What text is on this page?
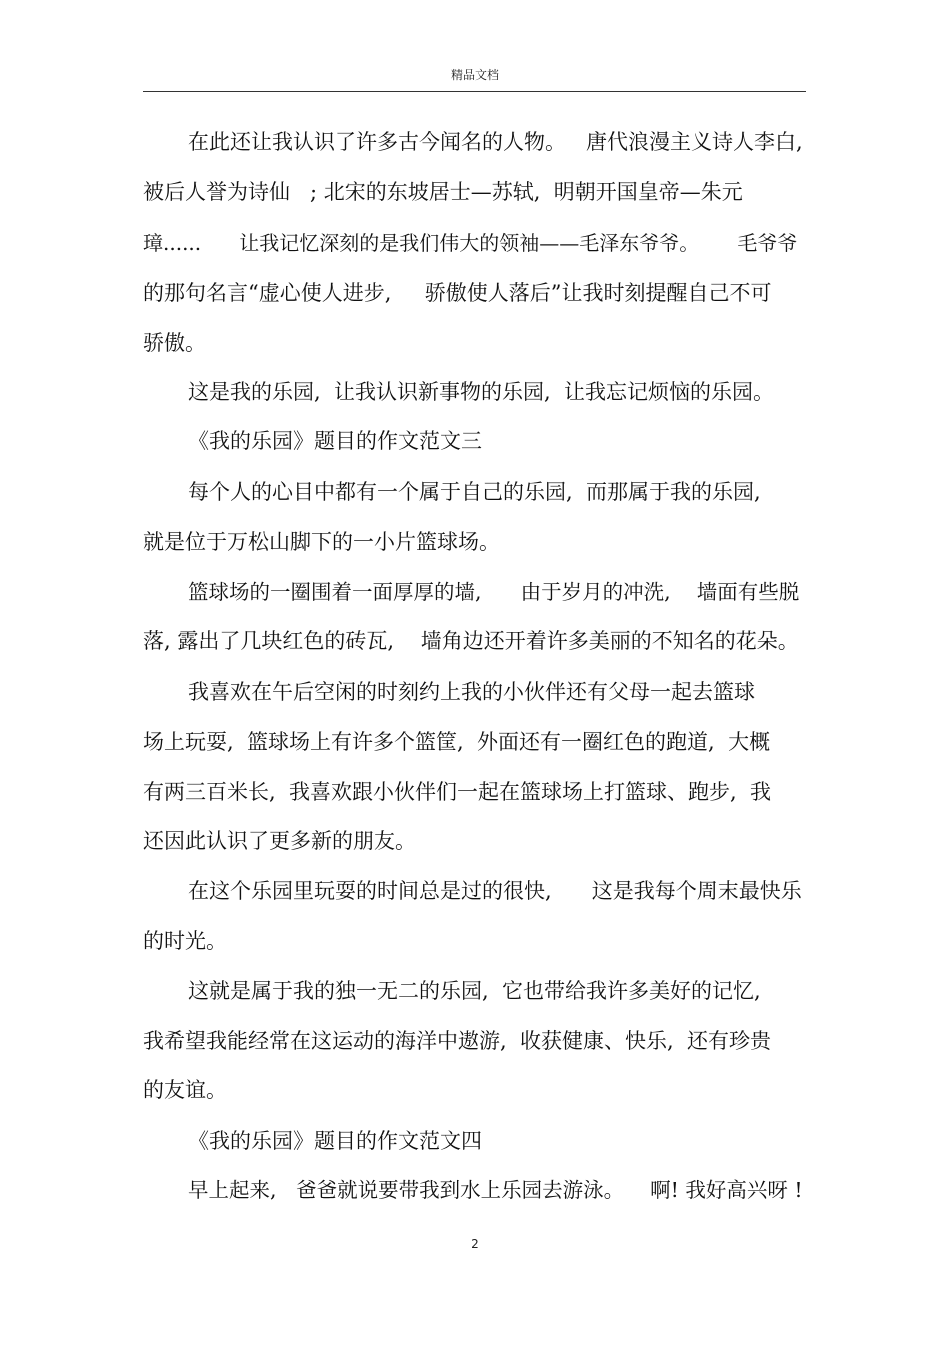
精品文档
在此还让我认识了许多古今闻名的人物。   唐代浪漫主义诗人李白,
被后人誉为诗仙   ; 北宋的东坡居士—苏轼,  明朝开国皇帝—朱元
璋......      让我记忆深刻的是我们伟大的领袖——毛泽东爷爷。      毛爷爷
的那句名言“虚心使人进步,     骄傲使人落后”让我时刻提醒自己不可
骄傲。
这是我的乐园,  让我认识新事物的乐园,  让我忘记烦恼的乐园。
《我的乐园》题目的作文范文三
每个人的心目中都有一个属于自己的乐园,  而那属于我的乐园,
就是位于万松山脚下的一小片篮球场。
篮球场的一圈围着一面厚厚的墙,      由于岁月的冲洗,    墙面有些脱
落, 露出了几块红色的砖瓦,    墙角边还开着许多美丽的不知名的花朵。
我喜欢在午后空闲的时刻约上我的小伙伴还有父母一起去篮球
场上玩耍,  篮球场上有许多个篮筐,  外面还有一圈红色的跑道,  大概
有两三百米长,  我喜欢跟小伙伴们一起在篮球场上打篮球、跑步,  我
还因此认识了更多新的朋友。
在这个乐园里玩耍的时间总是过的很快,      这是我每个周末最快乐
的时光。
这就是属于我的独一无二的乐园,  它也带给我许多美好的记忆,
我希望我能经常在这运动的海洋中遨游,  收获健康、快乐,  还有珍贵
的友谊。
《我的乐园》题目的作文范文四
早上起来,   爸爸就说要带我到水上乐园去游泳。    啊! 我好高兴呀 !
2
